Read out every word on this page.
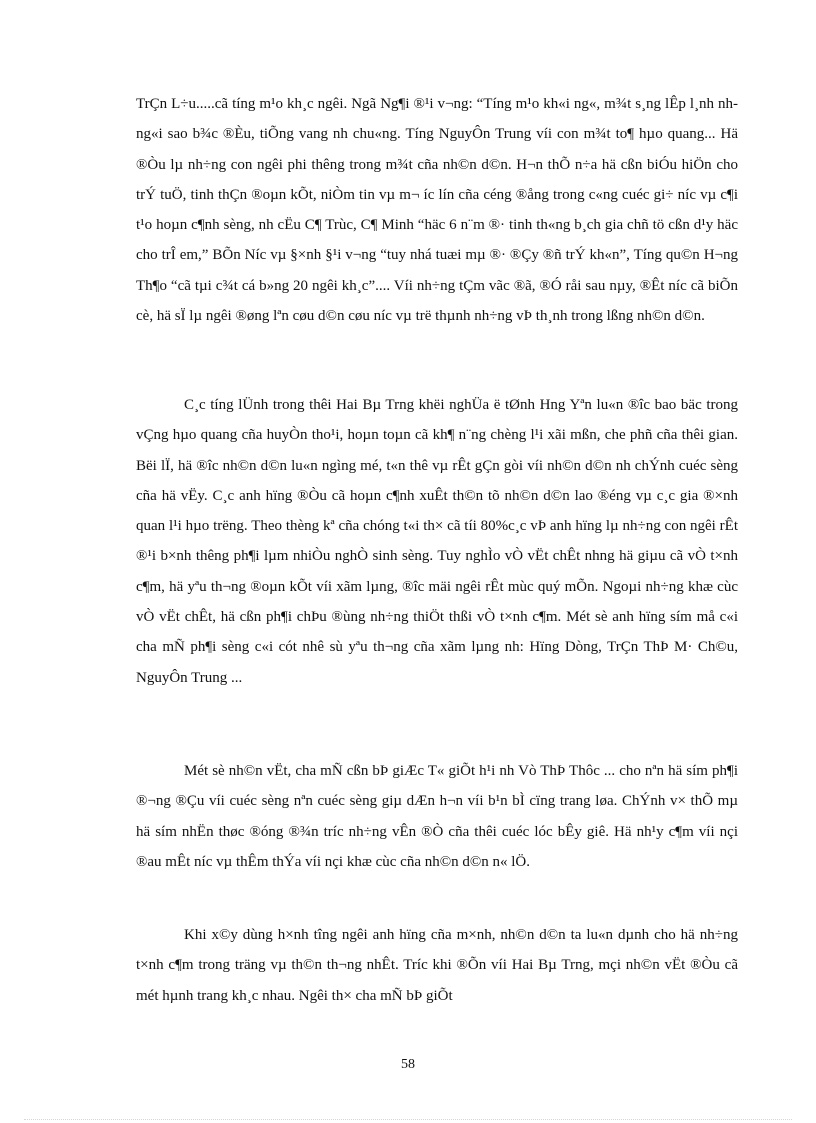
TrÇn L÷u.....cã tíng m¹o kh¸c ngêi. Ngã Ng¶i ®¹i v¬ng: “Tíng m¹o kh«i ng«, m¾t s¸ng lÊp l¸nh nh ng«i sao b¾c ®Èu, tiÕng vang nh chu«ng. Tíng NguyÔn Trung víi con m¾t to¶ hµo quang... Hä ®Òu lµ nh÷ng con ngêi phi thêng trong m¾t cña nh©n d©n. H¬n thÕ n÷a hä cßn biÓu hiÖn cho trÝ tuÖ, tinh thÇn ®oµn kÕt, niÒm tin vµ m¬ íc lín cña céng ®ång trong c«ng cuéc gi÷ níc vµ c¶i t¹o hoµn c¶nh sèng, nh cËu C¶ Trùc, C¶ Minh “häc 6 n¨m ®· tinh th«ng b¸ch gia chñ tö cßn d¹y häc cho trÎ em,” BÕn Níc vµ §×nh §¹i v¬ng “tuy nhá tuæi mµ ®· ®Çy ®ñ trÝ kh«n”, Tíng qu©n H¬ng Th¶o “cã tµi c¾t cá b»ng 20 ngêi kh¸c”.... Víi nh÷ng tÇm vãc ®ã, ®Ó råi sau nµy, ®Êt níc cã biÕn cè, hä sÏ lµ ngêi ®øng lªn cøu d©n cøu níc vµ trë thµnh nh÷ng vÞ th¸nh trong lßng nh©n d©n.

C¸c tíng lÜnh trong thêi Hai Bµ Trng khëi nghÜa ë tØnh Hng Yªn lu«n ®îc bao bäc trong vÇng hµo quang cña huyÒn tho¹i, hoµn toµn cã kh¶ n¨ng chèng l¹i xãi mßn, che phñ cña thêi gian. Bëi lÏ, hä ®îc nh©n d©n lu«n ngìng mé, t«n thê vµ rÊt gÇn gòi víi nh©n d©n nh chÝnh cuéc sèng cña hä vËy. C¸c anh hïng ®Òu cã hoµn c¶nh xuÊt th©n tõ nh©n d©n lao ®éng vµ c¸c gia ®×nh quan l¹i hµo trëng. Theo thèng kª cña chóng t«i th× cã tíi 80%c¸c vÞ anh hïng lµ nh÷ng con ngêi rÊt ®¹i b×nh thêng ph¶i lµm nhiÒu nghÒ sinh sèng. Tuy nghÌo vÒ vËt chÊt nhng hä giµu cã vÒ t×nh c¶m, hä yªu th¬ng ®oµn kÕt víi xãm lµng, ®îc mäi ngêi rÊt mùc quý mÕn. Ngoµi nh÷ng khæ cùc vÒ vËt chÊt, hä cßn ph¶i chÞu ®ùng nh÷ng thiÖt thßi vÒ t×nh c¶m. Mét sè anh hïng sím må c«i cha mÑ ph¶i sèng c«i cót nhê sù yªu th¬ng cña xãm lµng nh: Hïng Dòng, TrÇn ThÞ M· Ch©u, NguyÔn Trung ...

Mét sè nh©n vËt, cha mÑ cßn bÞ giÆc T« giÕt h¹i nh Vò ThÞ Thôc ... cho nªn hä sím ph¶i ®¬ng ®Çu víi cuéc sèng nªn cuéc sèng giµ dÆn h¬n víi b¹n bÌ cïng trang løa. ChÝnh v× thÕ mµ hä sím nhËn thøc ®óng ®¾n tríc nh÷ng vÊn ®Ò cña thêi cuéc lóc bÊy giê. Hä nh¹y c¶m víi nçi ®au mÊt níc vµ thÊm thÝa víi nçi khæ cùc cña nh©n d©n n« lÖ.

Khi x©y dùng h×nh tîng ngêi anh hïng cña m×nh, nh©n d©n ta lu«n dµnh cho hä nh÷ng t×nh c¶m trong träng vµ th©n th¬ng nhÊt. Tríc khi ®Õn víi Hai Bµ Trng, mçi nh©n vËt ®Òu cã mét hµnh trang kh¸c nhau. Ngêi th× cha mÑ bÞ giÕt

58
